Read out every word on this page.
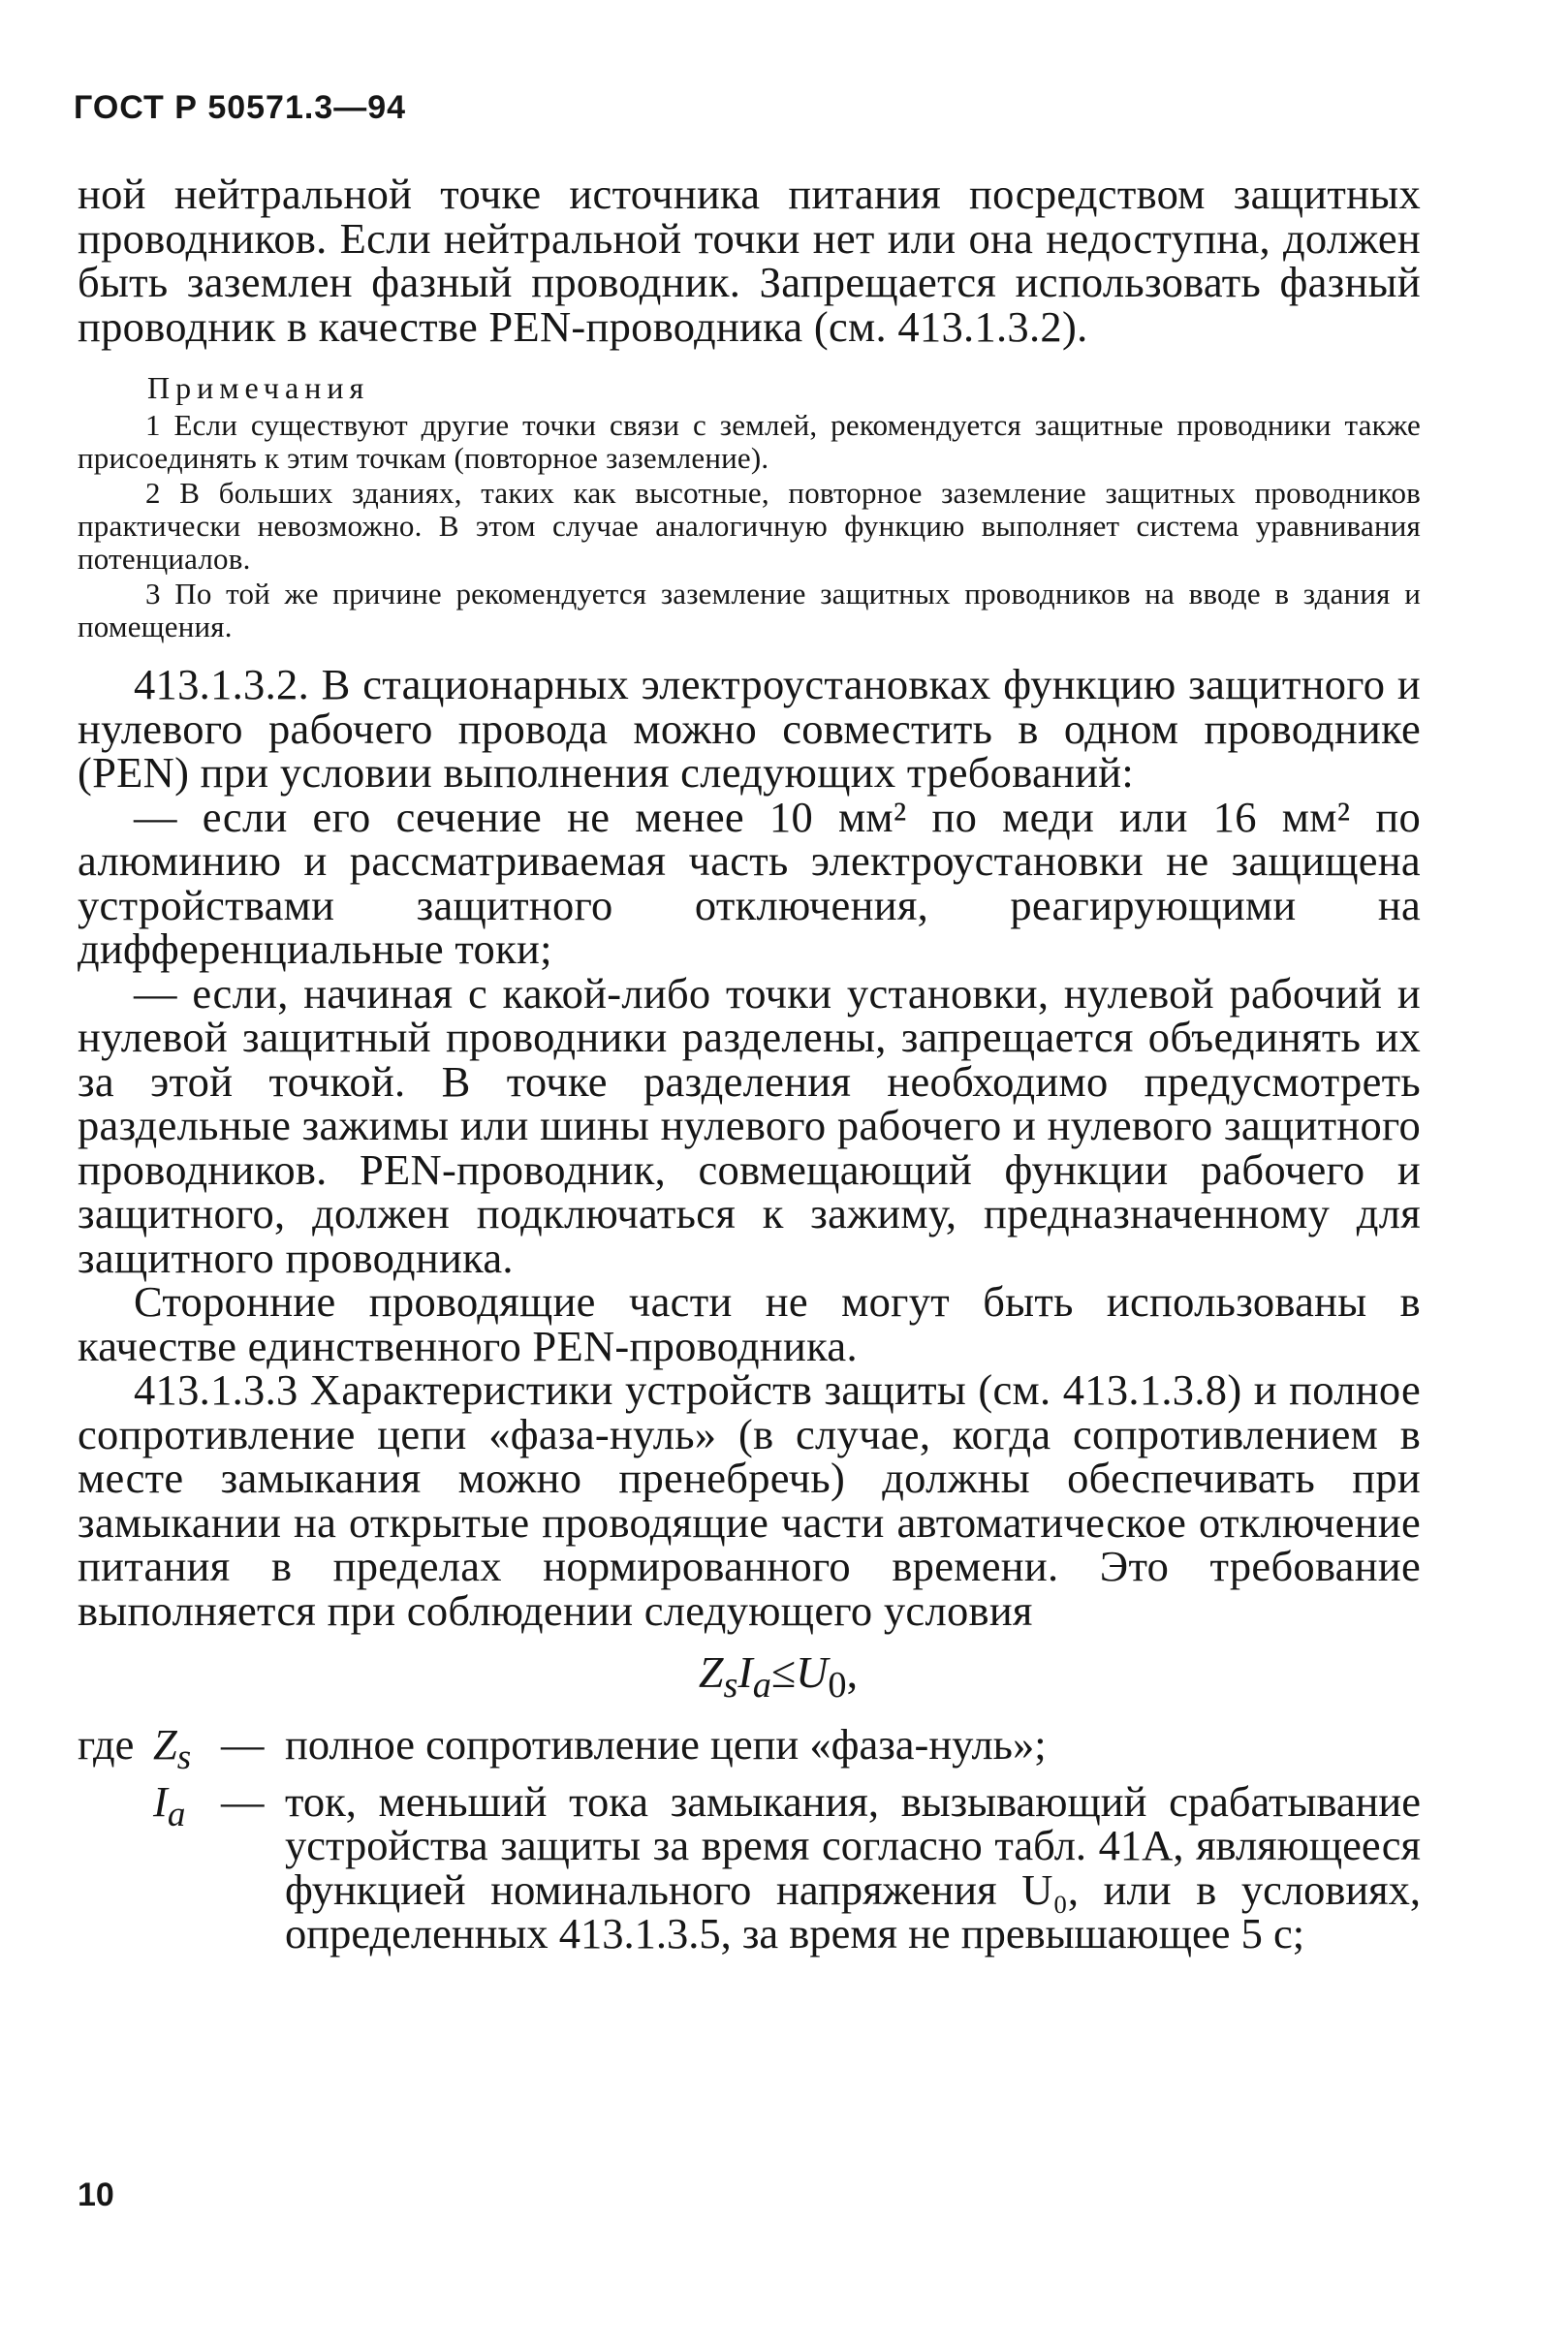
ГОСТ Р 50571.3—94

ной нейтральной точке источника питания посредством защитных проводников. Если нейтральной точки нет или она недоступна, должен быть заземлен фазный проводник. Запрещается использовать фазный проводник в качестве PEN-проводника (см. 413.1.3.2).

Примечания

1 Если существуют другие точки связи с землей, рекомендуется защитные проводники также присоединять к этим точкам (повторное заземление).

2 В больших зданиях, таких как высотные, повторное заземление защитных проводников практически невозможно. В этом случае аналогичную функцию выполняет система уравнивания потенциалов.

3 По той же причине рекомендуется заземление защитных проводников на вводе в здания и помещения.

413.1.3.2. В стационарных электроустановках функцию защитного и нулевого рабочего провода можно совместить в одном проводнике (PEN) при условии выполнения следующих требований:

— если его сечение не менее 10 мм² по меди или 16 мм² по алюминию и рассматриваемая часть электроустановки не защищена устройствами защитного отключения, реагирующими на дифференциальные токи;

— если, начиная с какой-либо точки установки, нулевой рабочий и нулевой защитный проводники разделены, запрещается объединять их за этой точкой. В точке разделения необходимо предусмотреть раздельные зажимы или шины нулевого рабочего и нулевого защитного проводников. PEN-проводник, совмещающий функции рабочего и защитного, должен подключаться к зажиму, предназначенному для защитного проводника.

Сторонние проводящие части не могут быть использованы в качестве единственного PEN-проводника.

413.1.3.3 Характеристики устройств защиты (см. 413.1.3.8) и полное сопротивление цепи «фаза-нуль» (в случае, когда сопротивлением в месте замыкания можно пренебречь) должны обеспечивать при замыкании на открытые проводящие части автоматическое отключение питания в пределах нормированного времени. Это требование выполняется при соблюдении следующего условия

$Z_sI_a\le U_0$,
где $Z_s$ — полное сопротивление цепи «фаза-нуль»;
$I_a$ — ток, меньший тока замыкания, вызывающий срабатывание устройства защиты за время согласно табл. 41А, являющееся функцией номинального напряжения U₀, или в условиях, определенных 413.1.3.5, за время не превышающее 5 с;
10
